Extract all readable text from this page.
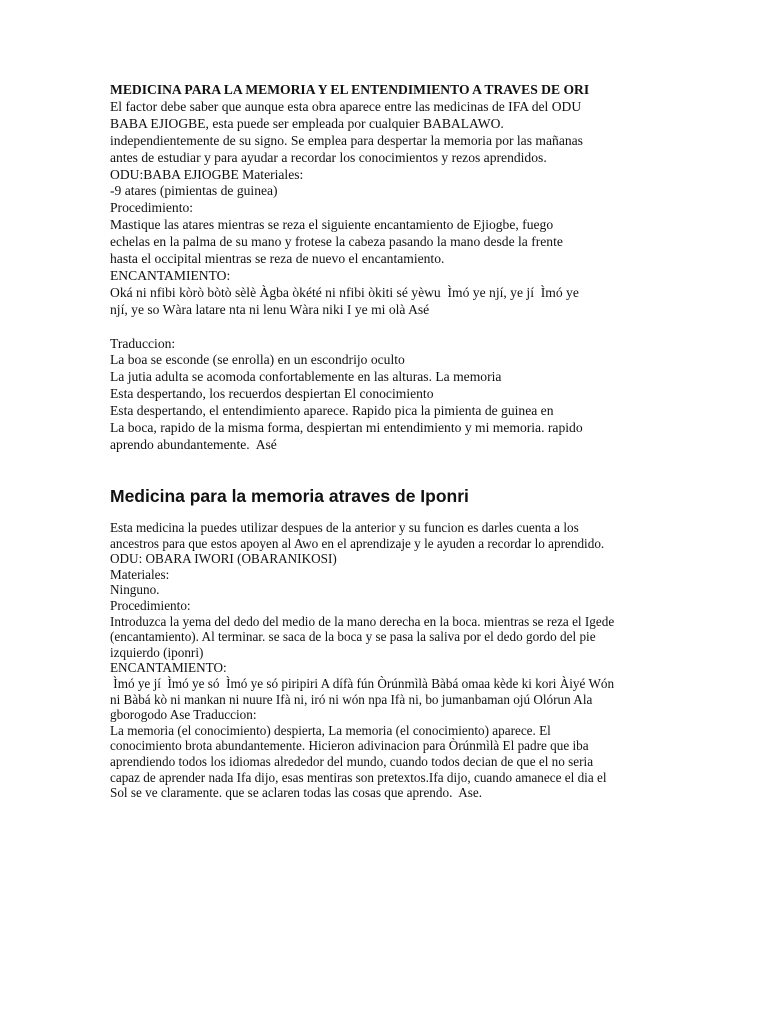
MEDICINA PARA LA MEMORIA Y EL ENTENDIMIENTO A TRAVES DE ORI
El factor debe saber que aunque esta obra aparece entre las medicinas de IFA del ODU
BABA EJIOGBE, esta puede ser empleada por cualquier BABALAWO.
independientemente de su signo. Se emplea para despertar la memoria por las mañanas
antes de estudiar y para ayudar a recordar los conocimientos y rezos aprendidos.
ODU:BABA EJIOGBE Materiales:
-9 atares (pimientas de guinea)
Procedimiento:
Mastique las atares mientras se reza el siguiente encantamiento de Ejiogbe, fuego
echelas en la palma de su mano y frotese la cabeza pasando la mano desde la frente
hasta el occipital mientras se reza de nuevo el encantamiento.
ENCANTAMIENTO:
Oká ni nfibi kòrò bòtò sèlè Àgba òkété ni nfibi òkiti sé yèwu  Ìmó ye njí, ye jí  Ìmó ye
njí, ye so Wàra latare nta ni lenu Wàra niki I ye mi olà Asé
Traduccion:
La boa se esconde (se enrolla) en un escondrijo oculto
La jutia adulta se acomoda confortablemente en las alturas. La memoria
Esta despertando, los recuerdos despiertan El conocimiento
Esta despertando, el entendimiento aparece. Rapido pica la pimienta de guinea en
La boca, rapido de la misma forma, despiertan mi entendimiento y mi memoria. rapido
aprendo abundantemente.  Asé
Medicina para la memoria atraves de Iponri
Esta medicina la puedes utilizar despues de la anterior y su funcion es darles cuenta a los
ancestros para que estos apoyen al Awo en el aprendizaje y le ayuden a recordar lo aprendido.
ODU: OBARA IWORI (OBARANIKOSI)
Materiales:
Ninguno.
Procedimiento:
Introduzca la yema del dedo del medio de la mano derecha en la boca. mientras se reza el Igede
(encantamiento). Al terminar. se saca de la boca y se pasa la saliva por el dedo gordo del pie
izquierdo (iponri)
ENCANTAMIENTO:
Ìmó ye jí  Ìmó ye só  Ìmó ye só piripiri A dífà fún Òrúnmìlà Bàbá omaa kède ki kori Àiyé Wón
ni Bàbá kò ni mankan ni nuure Ifà ni, iró ni wón npa Ifà ni, bo jumanbaman ojú Olórun Ala
gborogodo Ase Traduccion:
La memoria (el conocimiento) despierta, La memoria (el conocimiento) aparece. El
conocimiento brota abundantemente. Hicieron adivinacion para Òrúnmìlà El padre que iba
aprendiendo todos los idiomas alrededor del mundo, cuando todos decian de que el no seria
capaz de aprender nada Ifa dijo, esas mentiras son pretextos.Ifa dijo, cuando amanece el dia el
Sol se ve claramente. que se aclaren todas las cosas que aprendo.  Ase.
